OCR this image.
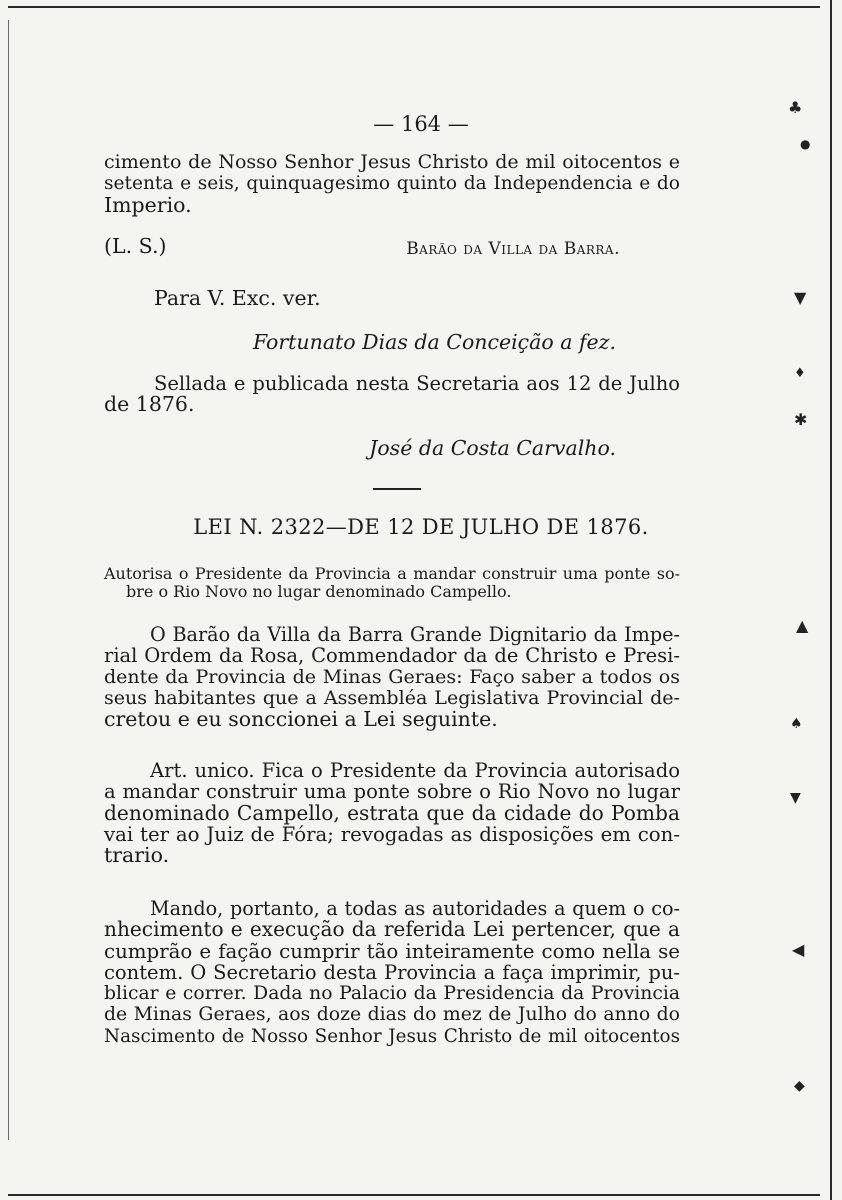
♣
●
▼
♦
✱
▲
♠
▼
◀
◆
— 164 —
cimento de Nosso Senhor Jesus Christo de mil oitocentos e
setenta e seis, quinquagesimo quinto da Independencia e do
Imperio.
(L. S.)	Barão da Villa da Barra.
Para V. Exc. ver.
Fortunato Dias da Conceição a fez.
Sellada e publicada nesta Secretaria aos 12 de Julho
de 1876.
José da Costa Carvalho.
LEI N. 2322—DE 12 DE JULHO DE 1876.
Autorisa o Presidente da Provincia a mandar construir uma ponte so-
bre o Rio Novo no lugar denominado Campello.
O Barão da Villa da Barra Grande Dignitario da Impe-
rial Ordem da Rosa, Commendador da de Christo e Presi-
dente da Provincia de Minas Geraes: Faço saber a todos os
seus habitantes que a Assembléa Legislativa Provincial de-
cretou e eu sonccionei a Lei seguinte.
Art. unico. Fica o Presidente da Provincia autorisado
a mandar construir uma ponte sobre o Rio Novo no lugar
denominado Campello, estrata que da cidade do Pomba
vai ter ao Juiz de Fóra; revogadas as disposições em con-
trario.
Mando, portanto, a todas as autoridades a quem o co-
nhecimento e execução da referida Lei pertencer, que a
cumprão e fação cumprir tão inteiramente como nella se
contem. O Secretario desta Provincia a faça imprimir, pu-
blicar e correr. Dada no Palacio da Presidencia da Provincia
de Minas Geraes, aos doze dias do mez de Julho do anno do
Nascimento de Nosso Senhor Jesus Christo de mil oitocentos
